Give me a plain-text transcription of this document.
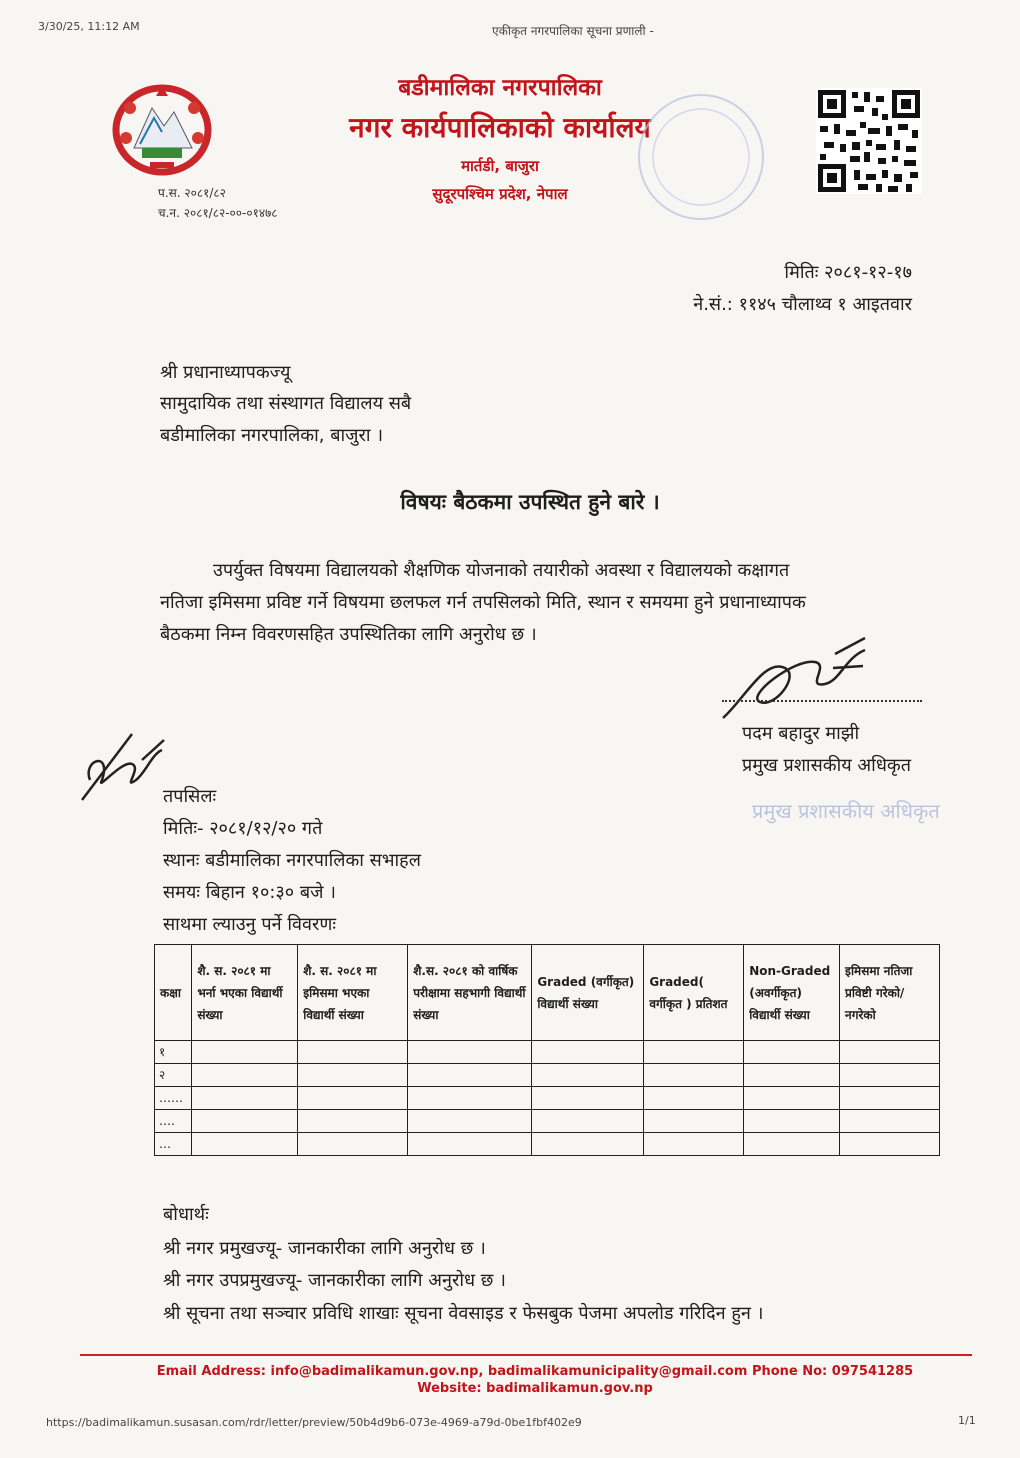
3/30/25, 11:12 AM	एकीकृत नगरपालिका सूचना प्रणाली -
प.स. २०८१/८२
च.न. २०८१/८२-००-०१४७८
बडीमालिका नगरपालिका
नगर कार्यपालिकाको कार्यालय
मार्तडी, बाजुरा
सुदूरपश्चिम प्रदेश, नेपाल
मितिः २०८१-१२-१७
ने.सं.: ११४५ चौलाथ्व १ आइतवार
श्री प्रधानाध्यापकज्यू
सामुदायिक तथा संस्थागत विद्यालय सबै
बडीमालिका नगरपालिका, बाजुरा ।
विषयः बैठकमा उपस्थित हुने बारे ।
उपर्युक्त विषयमा विद्यालयको शैक्षणिक योजनाको तयारीको अवस्था र विद्यालयको कक्षागत
नतिजा इमिसमा प्रविष्ट गर्ने विषयमा छलफल गर्न तपसिलको मिति, स्थान र समयमा हुने प्रधानाध्यापक
बैठकमा निम्न विवरणसहित उपस्थितिका लागि अनुरोध छ ।
पदम बहादुर माझी
प्रमुख प्रशासकीय अधिकृत
प्रमुख प्रशासकीय अधिकृत
तपसिलः
मितिः- २०८१/१२/२० गते
स्थानः बडीमालिका नगरपालिका सभाहल
समयः बिहान १०:३० बजे ।
साथमा ल्याउनु पर्ने विवरणः
कक्षा	शै. स. २०८१ मा भर्ना भएका विद्यार्थी संख्या	शै. स. २०८१ मा इमिसमा भएका विद्यार्थी संख्या	शै.स. २०८१ को वार्षिक परीक्षामा सहभागी विद्यार्थी संख्या	Graded (वर्गीकृत) विद्यार्थी संख्या	Graded( वर्गीकृत ) प्रतिशत	Non-Graded (अवर्गीकृत) विद्यार्थी संख्या	इमिसमा नतिजा प्रविष्टी गरेको/ नगरेको
१							
२							
……							
….							
…							
बोधार्थः
श्री नगर प्रमुखज्यू- जानकारीका लागि अनुरोध छ ।
श्री नगर उपप्रमुखज्यू- जानकारीका लागि अनुरोध छ ।
श्री सूचना तथा सञ्चार प्रविधि शाखाः सूचना वेवसाइड र फेसबुक पेजमा अपलोड गरिदिन हुन ।
Email Address: info@badimalikamun.gov.np, badimalikamunicipality@gmail.com Phone No: 097541285
Website: badimalikamun.gov.np
https://badimalikamun.susasan.com/rdr/letter/preview/50b4d9b6-073e-4969-a79d-0be1fbf402e9	1/1
